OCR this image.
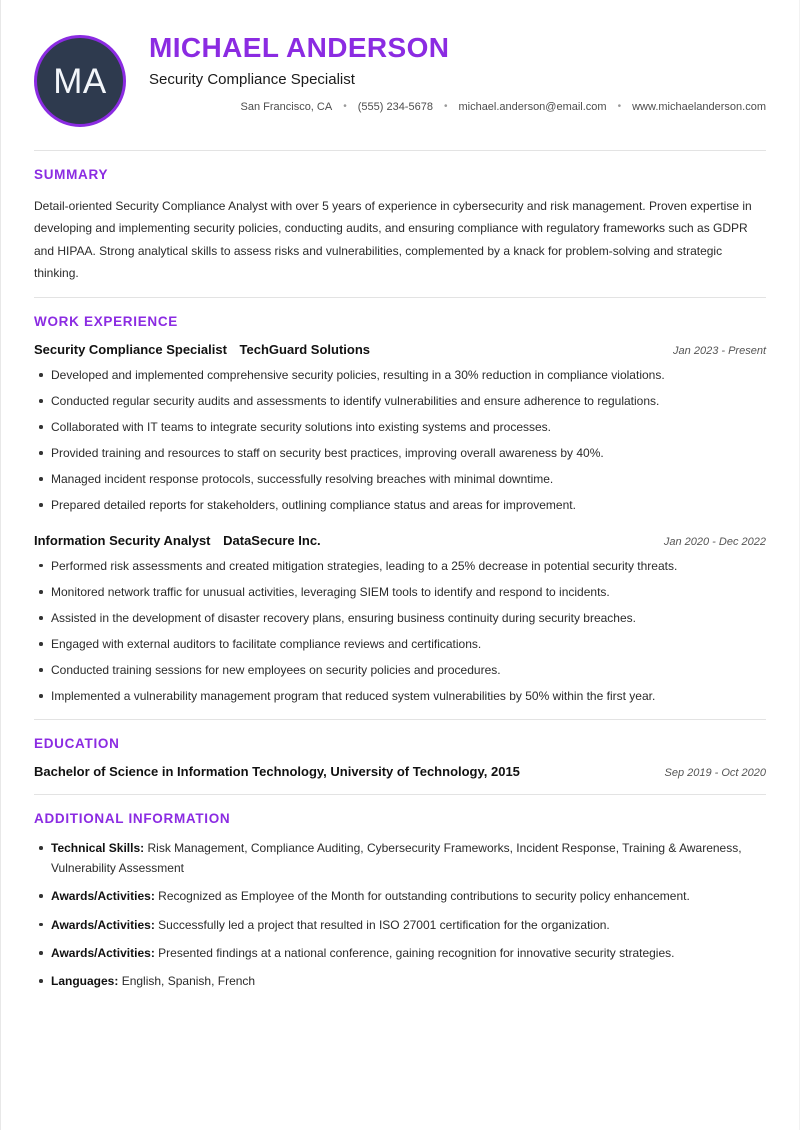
MA
MICHAEL ANDERSON
Security Compliance Specialist
San Francisco, CA • (555) 234-5678 • michael.anderson@email.com • www.michaelanderson.com
SUMMARY

Detail-oriented Security Compliance Analyst with over 5 years of experience in cybersecurity and risk management. Proven expertise in developing and implementing security policies, conducting audits, and ensuring compliance with regulatory frameworks such as GDPR and HIPAA. Strong analytical skills to assess risks and vulnerabilities, complemented by a knack for problem-solving and strategic thinking.

WORK EXPERIENCE
Security Compliance Specialist TechGuard Solutions	Jan 2023 - Present
Developed and implemented comprehensive security policies, resulting in a 30% reduction in compliance violations.
Conducted regular security audits and assessments to identify vulnerabilities and ensure adherence to regulations.
Collaborated with IT teams to integrate security solutions into existing systems and processes.
Provided training and resources to staff on security best practices, improving overall awareness by 40%.
Managed incident response protocols, successfully resolving breaches with minimal downtime.
Prepared detailed reports for stakeholders, outlining compliance status and areas for improvement.
Information Security Analyst DataSecure Inc.	Jan 2020 - Dec 2022
Performed risk assessments and created mitigation strategies, leading to a 25% decrease in potential security threats.
Monitored network traffic for unusual activities, leveraging SIEM tools to identify and respond to incidents.
Assisted in the development of disaster recovery plans, ensuring business continuity during security breaches.
Engaged with external auditors to facilitate compliance reviews and certifications.
Conducted training sessions for new employees on security policies and procedures.
Implemented a vulnerability management program that reduced system vulnerabilities by 50% within the first year.
EDUCATION
Bachelor of Science in Information Technology, University of Technology, 2015	Sep 2019 - Oct 2020
ADDITIONAL INFORMATION
Technical Skills: Risk Management, Compliance Auditing, Cybersecurity Frameworks, Incident Response, Training & Awareness, Vulnerability Assessment
Awards/Activities: Recognized as Employee of the Month for outstanding contributions to security policy enhancement.
Awards/Activities: Successfully led a project that resulted in ISO 27001 certification for the organization.
Awards/Activities: Presented findings at a national conference, gaining recognition for innovative security strategies.
Languages: English, Spanish, French
